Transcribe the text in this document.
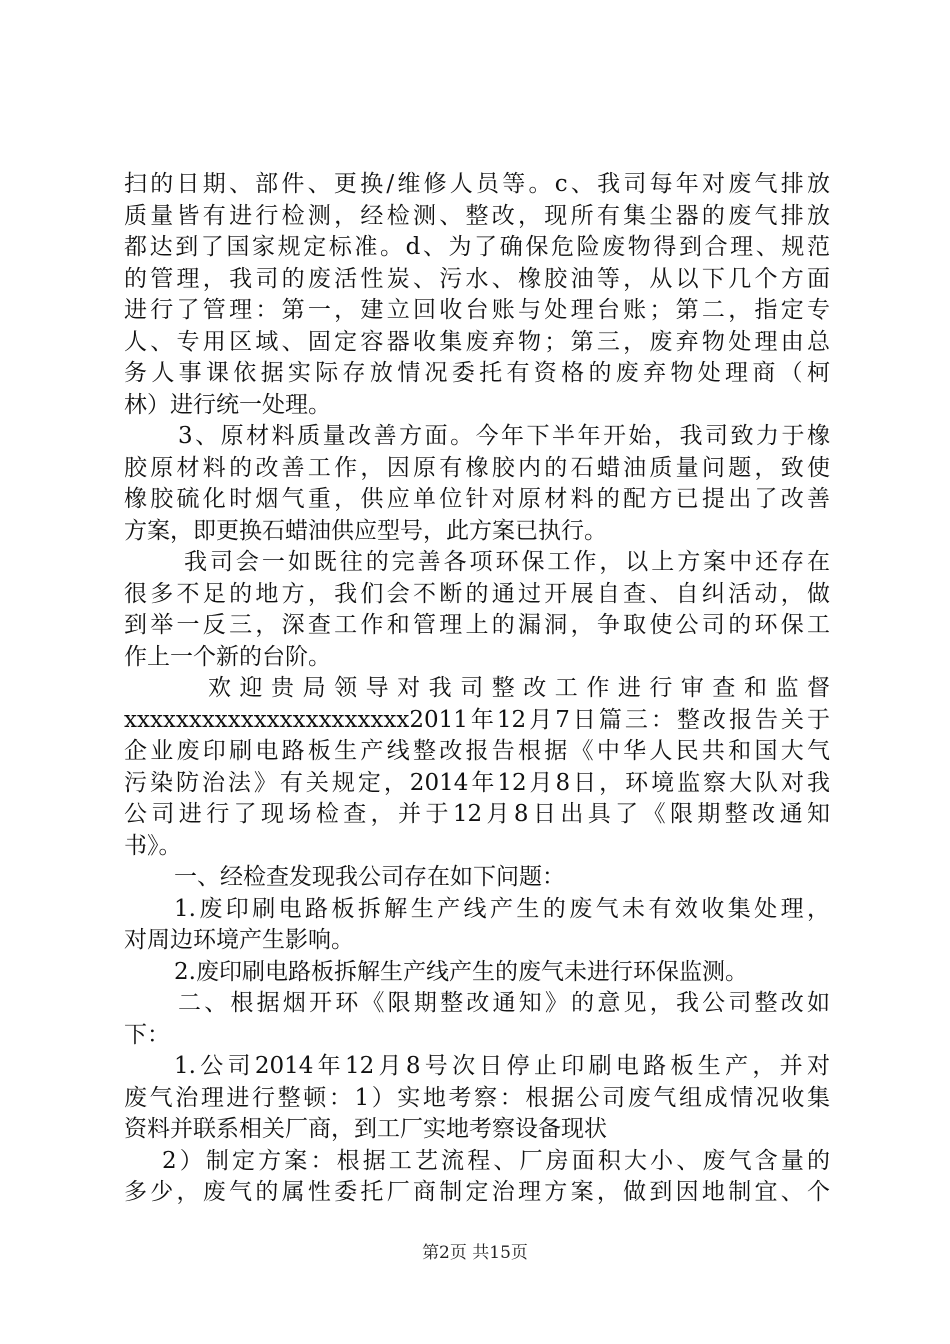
扫的日期、部件、更换/维修人员等。c、我司每年对废气排放
质量皆有进行检测，经检测、整改，现所有集尘器的废气排放
都达到了国家规定标准。d、为了确保危险废物得到合理、规范
的管理，我司的废活性炭、污水、橡胶油等，从以下几个方面
进行了管理：第一，建立回收台账与处理台账；第二，指定专
人、专用区域、固定容器收集废弃物；第三，废弃物处理由总
务人事课依据实际存放情况委托有资格的废弃物处理商（柯
林）进行统一处理。
3、原材料质量改善方面。今年下半年开始，我司致力于橡
胶原材料的改善工作，因原有橡胶内的石蜡油质量问题，致使
橡胶硫化时烟气重，供应单位针对原材料的配方已提出了改善
方案，即更换石蜡油供应型号，此方案已执行。
我司会一如既往的完善各项环保工作，以上方案中还存在
很多不足的地方，我们会不断的通过开展自查、自纠活动，做
到举一反三，深查工作和管理上的漏洞，争取使公司的环保工
作上一个新的台阶。
欢迎贵局领导对我司整改工作进行审查和监督
xxxxxxxxxxxxxxxxxxxxxx2011年12月7日篇三：整改报告关于
企业废印刷电路板生产线整改报告根据《中华人民共和国大气
污染防治法》有关规定，2014年12月8日，环境监察大队对我
公司进行了现场检查，并于12月8日出具了《限期整改通知
书》。
一、经检查发现我公司存在如下问题：
1.废印刷电路板拆解生产线产生的废气未有效收集处理，
对周边环境产生影响。
2.废印刷电路板拆解生产线产生的废气未进行环保监测。
二、根据烟开环《限期整改通知》的意见，我公司整改如
下：
1.公司2014年12月8号次日停止印刷电路板生产，并对
废气治理进行整顿：1）实地考察：根据公司废气组成情况收集
资料并联系相关厂商，到工厂实地考察设备现状
2）制定方案：根据工艺流程、厂房面积大小、废气含量的
多少，废气的属性委托厂商制定治理方案，做到因地制宜、个
第2页 共15页
